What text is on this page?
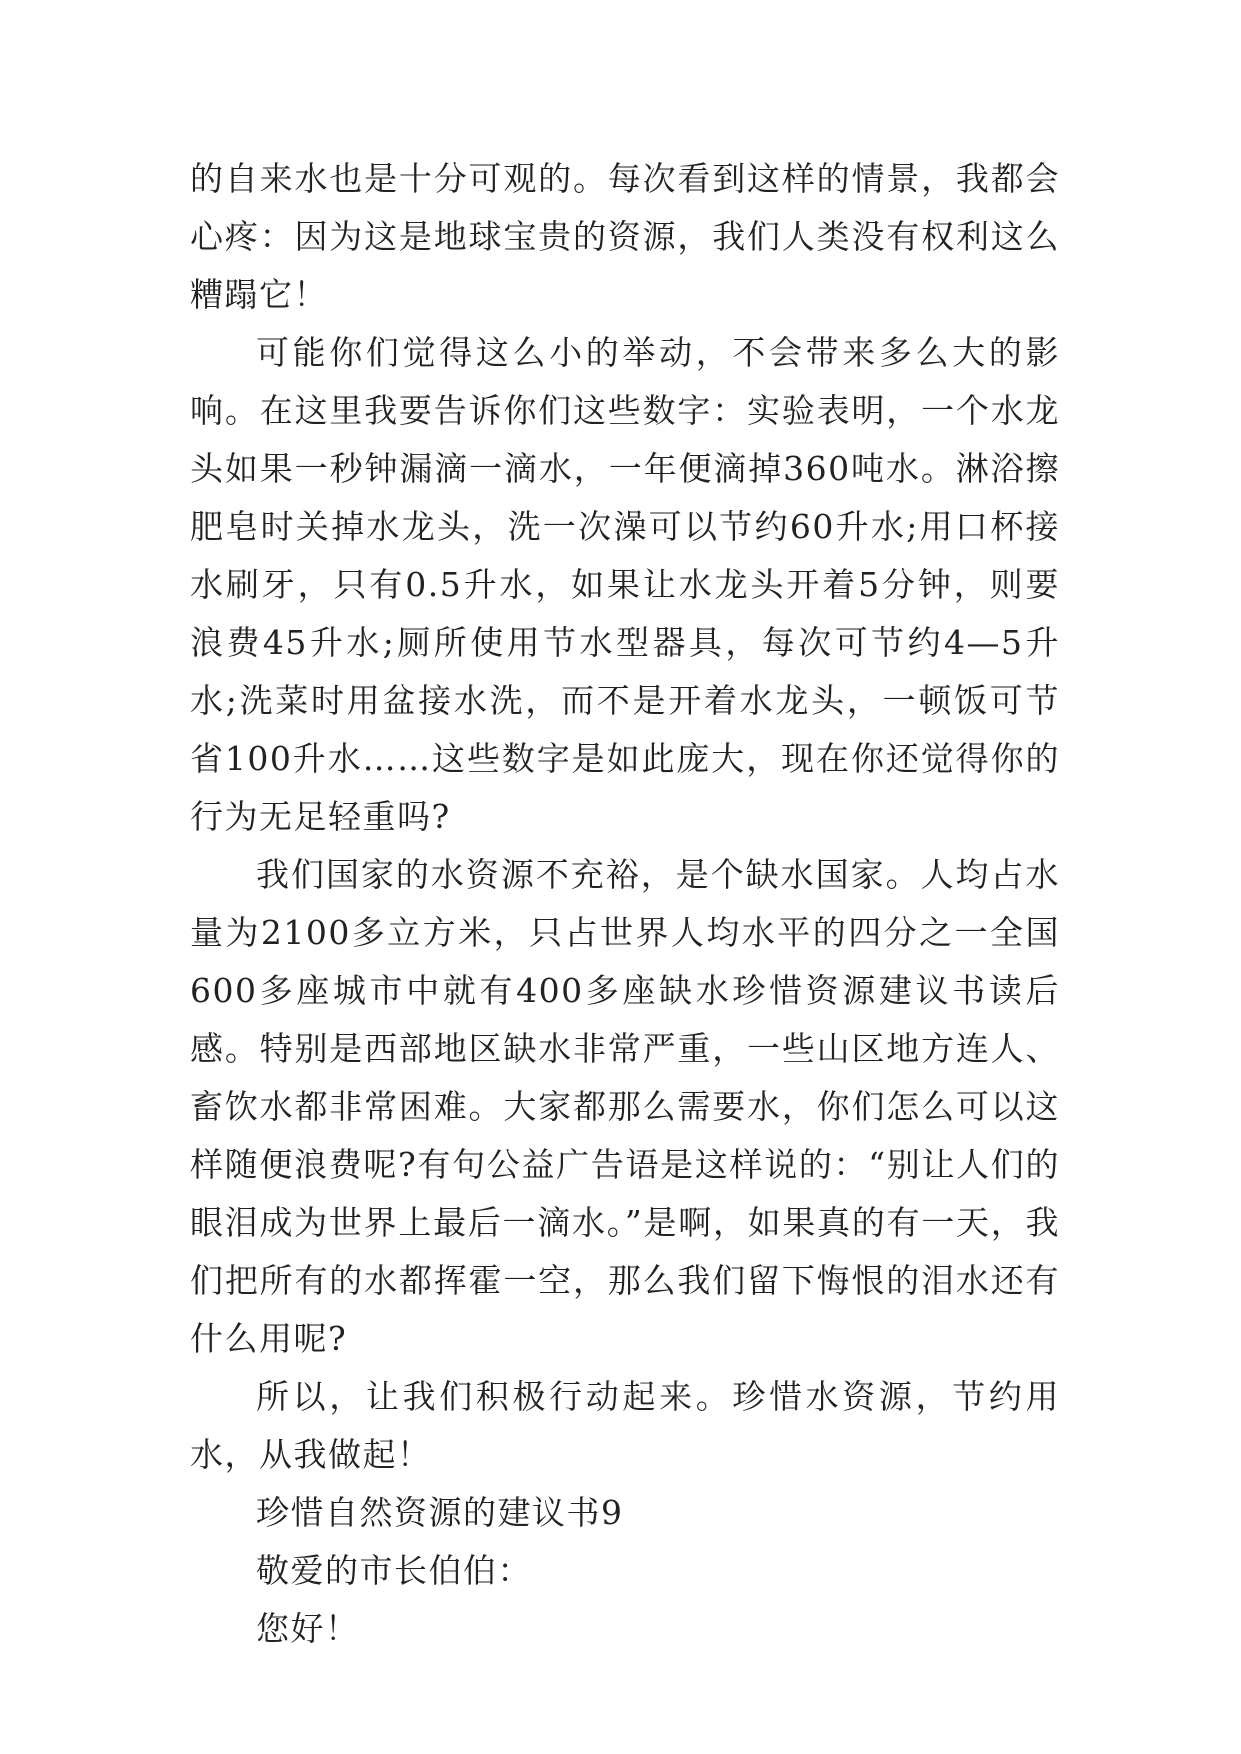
的自来水也是十分可观的。每次看到这样的情景，我都会心疼：因为这是地球宝贵的资源，我们人类没有权利这么糟蹋它！

可能你们觉得这么小的举动，不会带来多么大的影响。在这里我要告诉你们这些数字：实验表明，一个水龙头如果一秒钟漏滴一滴水，一年便滴掉360吨水。淋浴擦肥皂时关掉水龙头，洗一次澡可以节约60升水;用口杯接水刷牙，只有0.5升水，如果让水龙头开着5分钟，则要浪费45升水;厕所使用节水型器具，每次可节约4—5升水;洗菜时用盆接水洗，而不是开着水龙头，一顿饭可节省100升水……这些数字是如此庞大，现在你还觉得你的行为无足轻重吗?

我们国家的水资源不充裕，是个缺水国家。人均占水量为2100多立方米，只占世界人均水平的四分之一全国600多座城市中就有400多座缺水珍惜资源建议书读后感。特别是西部地区缺水非常严重，一些山区地方连人、畜饮水都非常困难。大家都那么需要水，你们怎么可以这样随便浪费呢?有句公益广告语是这样说的：“别让人们的眼泪成为世界上最后一滴水。”是啊，如果真的有一天，我们把所有的水都挥霍一空，那么我们留下悔恨的泪水还有什么用呢?

所以，让我们积极行动起来。珍惜水资源，节约用水，从我做起！

珍惜自然资源的建议书9

敬爱的市长伯伯：

您好！
